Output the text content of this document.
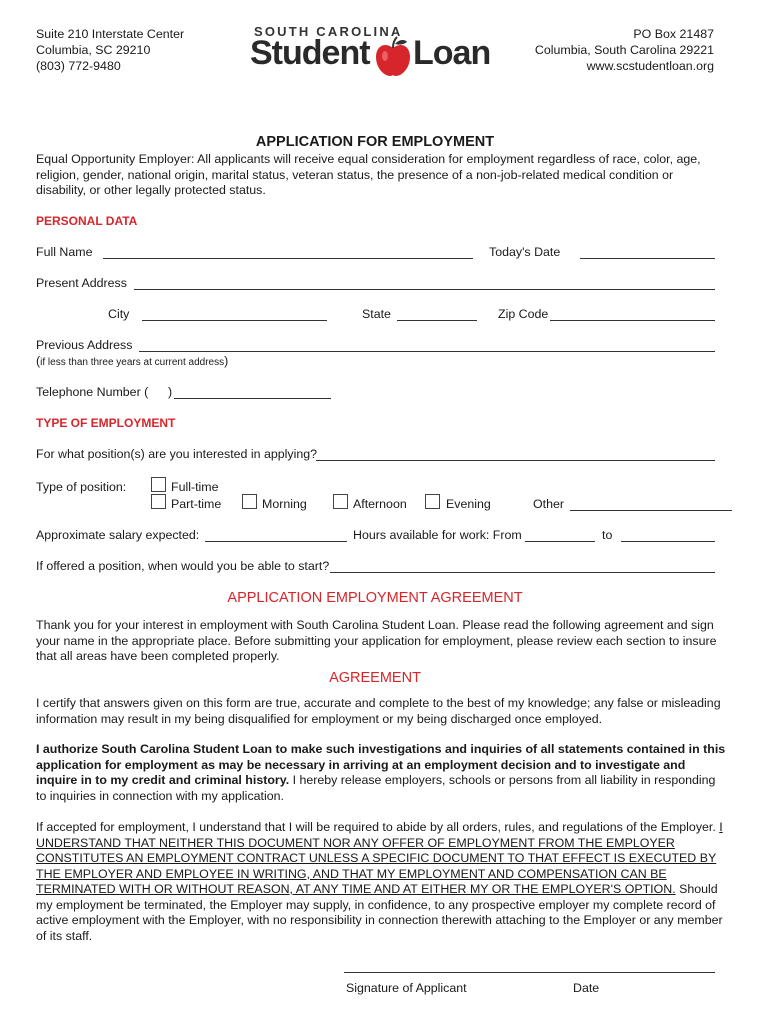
Suite 210 Interstate Center
Columbia, SC 29210
(803) 772-9480
SOUTH CAROLINA
Student Loan	PO Box 21487
Columbia, South Carolina 29221
www.scstudentloan.org
APPLICATION FOR EMPLOYMENT
Equal Opportunity Employer: All applicants will receive equal consideration for employment regardless of race, color, age, religion, gender, national origin, marital status, veteran status, the presence of a non-job-related medical condition or disability, or other legally protected status.
PERSONAL DATA
Full Name	Today's Date
Present Address
City	State	Zip Code
Previous Address
(if less than three years at current address)
Telephone Number ( )
TYPE OF EMPLOYMENT
For what position(s) are you interested in applying?
Type of position:	Full-time
Part-time	Morning	Afternoon	Evening	Other
Approximate salary expected:	Hours available for work: From	to
If offered a position, when would you be able to start?
APPLICATION EMPLOYMENT AGREEMENT
Thank you for your interest in employment with South Carolina Student Loan. Please read the following agreement and sign your name in the appropriate place. Before submitting your application for employment, please review each section to insure that all areas have been completed properly.
AGREEMENT
I certify that answers given on this form are true, accurate and complete to the best of my knowledge; any false or misleading information may result in my being disqualified for employment or my being discharged once employed.
I authorize South Carolina Student Loan to make such investigations and inquiries of all statements contained in this application for employment as may be necessary in arriving at an employment decision and to investigate and inquire in to my credit and criminal history. I hereby release employers, schools or persons from all liability in responding to inquiries in connection with my application.
If accepted for employment, I understand that I will be required to abide by all orders, rules, and regulations of the Employer. I UNDERSTAND THAT NEITHER THIS DOCUMENT NOR ANY OFFER OF EMPLOYMENT FROM THE EMPLOYER CONSTITUTES AN EMPLOYMENT CONTRACT UNLESS A SPECIFIC DOCUMENT TO THAT EFFECT IS EXECUTED BY THE EMPLOYER AND EMPLOYEE IN WRITING, AND THAT MY EMPLOYMENT AND COMPENSATION CAN BE TERMINATED WITH OR WITHOUT REASON, AT ANY TIME AND AT EITHER MY OR THE EMPLOYER'S OPTION. Should my employment be terminated, the Employer may supply, in confidence, to any prospective employer my complete record of active employment with the Employer, with no responsibility in connection therewith attaching to the Employer or any member of its staff.
Signature of Applicant	Date
